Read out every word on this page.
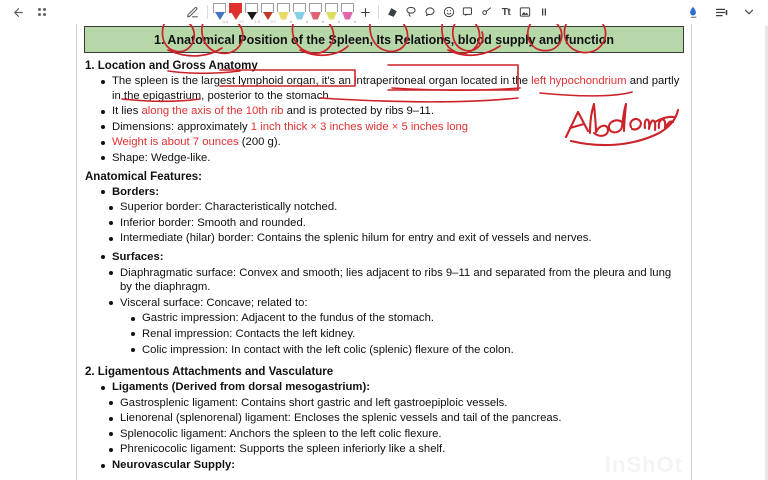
0.4	0.7	1.0	0.7	6	6	6	6	6
Tt
1. Anatomical Position of the Spleen, Its Relations, blood supply and function
1. Location and Gross Anatomy
The spleen is the largest lymphoid organ, it's an intraperitoneal organ located in the left hypochondrium and partly in the epigastrium, posterior to the stomach.
It lies along the axis of the 10th rib and is protected by ribs 9–11.
Dimensions: approximately 1 inch thick × 3 inches wide × 5 inches long
Weight is about 7 ounces (200 g).
Shape: Wedge-like.
Anatomical Features:
Borders:
Superior border: Characteristically notched.
Inferior border: Smooth and rounded.
Intermediate (hilar) border: Contains the splenic hilum for entry and exit of vessels and nerves.
Surfaces:
Diaphragmatic surface: Convex and smooth; lies adjacent to ribs 9–11 and separated from the pleura and lung by the diaphragm.
Visceral surface: Concave; related to:
Gastric impression: Adjacent to the fundus of the stomach.
Renal impression: Contacts the left kidney.
Colic impression: In contact with the left colic (splenic) flexure of the colon.
2. Ligamentous Attachments and Vasculature
Ligaments (Derived from dorsal mesogastrium):
Gastrosplenic ligament: Contains short gastric and left gastroepiploic vessels.
Lienorenal (splenorenal) ligament: Encloses the splenic vessels and tail of the pancreas.
Splenocolic ligament: Anchors the spleen to the left colic flexure.
Phrenicocolic ligament: Supports the spleen inferiorly like a shelf.
Neurovascular Supply:
